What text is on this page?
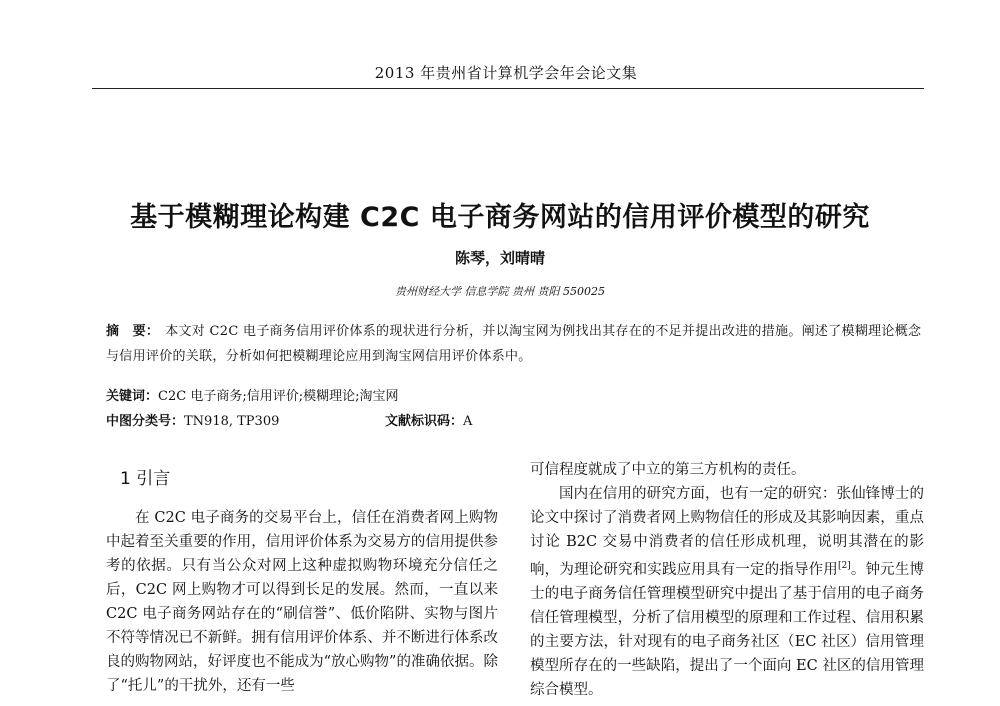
2013 年贵州省计算机学会年会论文集
基于模糊理论构建 C2C 电子商务网站的信用评价模型的研究
陈琴，刘晴晴
贵州财经大学 信息学院 贵州 贵阳 550025
摘　要： 本文对 C2C 电子商务信用评价体系的现状进行分析，并以淘宝网为例找出其存在的不足并提出改进的措施。阐述了模糊理论概念与信用评价的关联，分析如何把模糊理论应用到淘宝网信用评价体系中。
关键词：C2C 电子商务;信用评价;模糊理论;淘宝网
中图分类号：TN918, TP309	文献标识码：A
1 引言

在 C2C 电子商务的交易平台上，信任在消费者网上购物中起着至关重要的作用，信用评价体系为交易方的信用提供参考的依据。只有当公众对网上这种虚拟购物环境充分信任之后，C2C 网上购物才可以得到长足的发展。然而，一直以来 C2C 电子商务网站存在的“刷信誉”、低价陷阱、实物与图片不符等情况已不新鲜。拥有信用评价体系、并不断进行体系改良的购物网站，好评度也不能成为“放心购物”的准确依据。除了“托儿”的干扰外，还有一些

可信程度就成了中立的第三方机构的责任。

国内在信用的研究方面，也有一定的研究：张仙锋博士的论文中探讨了消费者网上购物信任的形成及其影响因素，重点讨论 B2C 交易中消费者的信任形成机理，说明其潜在的影响，为理论研究和实践应用具有一定的指导作用[2]。钟元生博士的电子商务信任管理模型研究中提出了基于信用的电子商务信任管理模型，分析了信用模型的原理和工作过程、信用积累的主要方法，针对现有的电子商务社区（EC 社区）信用管理模型所存在的一些缺陷，提出了一个面向 EC 社区的信用管理综合模型。
